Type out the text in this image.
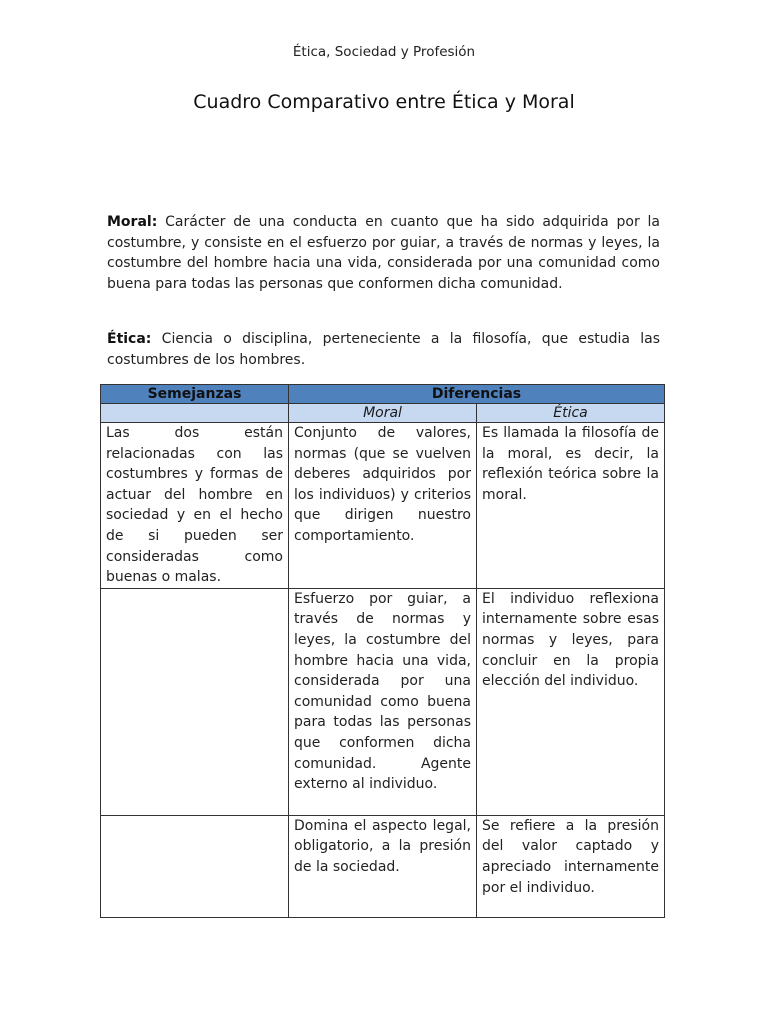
Ética, Sociedad y Profesión
Cuadro Comparativo entre Ética y Moral

Moral: Carácter de una conducta en cuanto que ha sido adquirida por la costumbre, y consiste en el esfuerzo por guiar, a través de normas y leyes, la costumbre del hombre hacia una vida, considerada por una comunidad como buena para todas las personas que conformen dicha comunidad.

Ética: Ciencia o disciplina, perteneciente a la filosofía, que estudia las costumbres de los hombres.

Semejanzas	Diferencias	
	Moral	Ética
Las dos están relacionadas con las costumbres y formas de actuar del hombre en sociedad y en el hecho de si pueden ser consideradas como buenas o malas.	Conjunto de valores, normas (que se vuelven deberes adquiridos por los individuos) y criterios que dirigen nuestro comportamiento.	Es llamada la filosofía de la moral, es decir, la reflexión teórica sobre la moral.
	Esfuerzo por guiar, a través de normas y leyes, la costumbre del hombre hacia una vida, considerada por una comunidad como buena para todas las personas que conformen dicha comunidad. Agente externo al individuo.	El individuo reflexiona internamente sobre esas normas y leyes, para concluir en la propia elección del individuo.
	Domina el aspecto legal, obligatorio, a la presión de la sociedad.	Se refiere a la presión del valor captado y apreciado internamente por el individuo.
